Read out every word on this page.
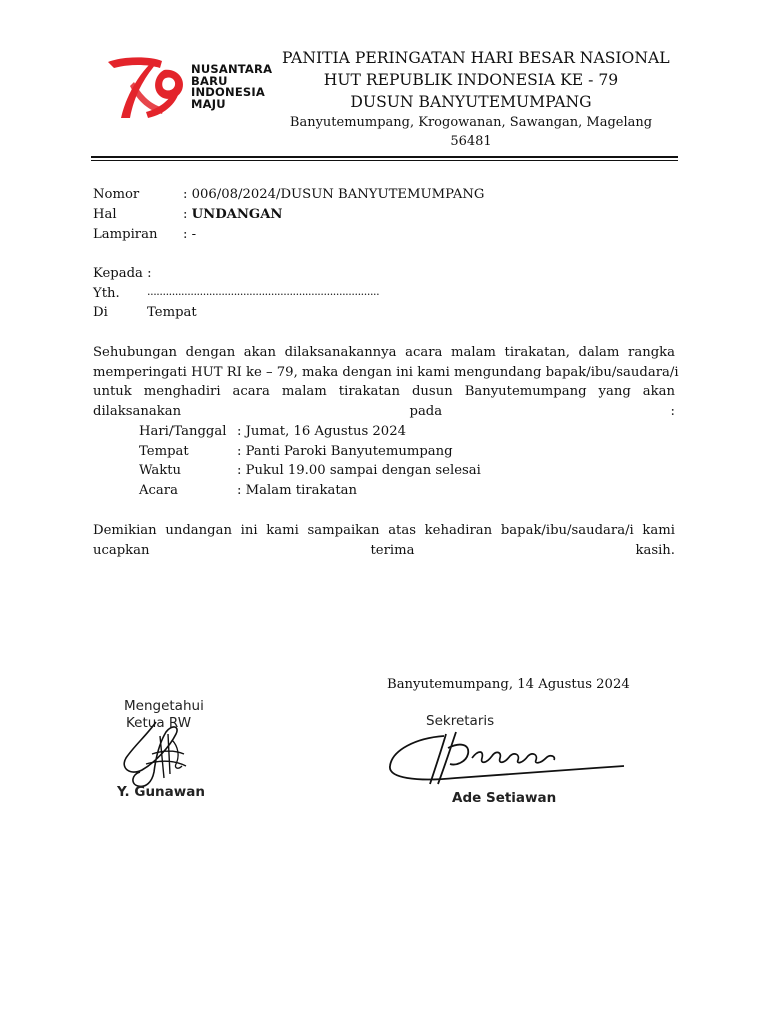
NUSANTARA
BARU
INDONESIA
MAJU
PANITIA PERINGATAN HARI BESAR NASIONAL
HUT REPUBLIK INDONESIA KE - 79
DUSUN BANYUTEMUMPANG
Banyutemumpang, Krogowanan, Sawangan, Magelang
56481
Nomor	: 006/08/2024/DUSUN BANYUTEMUMPANG
Hal	: UNDANGAN
Lampiran : -
Kepada :
Yth. ...........................................................................
Di	Tempat
Sehubungan dengan akan dilaksanakannya acara malam tirakatan, dalam rangka
memperingati HUT RI ke – 79, maka dengan ini kami mengundang bapak/ibu/saudara/i
untuk menghadiri acara malam tirakatan dusun Banyutemumpang yang akan
dilaksanakan pada :
Hari/Tanggal : Jumat, 16 Agustus 2024
Tempat	: Panti Paroki Banyutemumpang
Waktu	: Pukul 19.00 sampai dengan selesai
Acara	: Malam tirakatan
Demikian undangan ini kami sampaikan atas kehadiran bapak/ibu/saudara/i kami
ucapkan terima kasih.
Banyutemumpang, 14 Agustus 2024
Mengetahui
Ketua RW
Y. Gunawan
Sekretaris
Ade Setiawan
